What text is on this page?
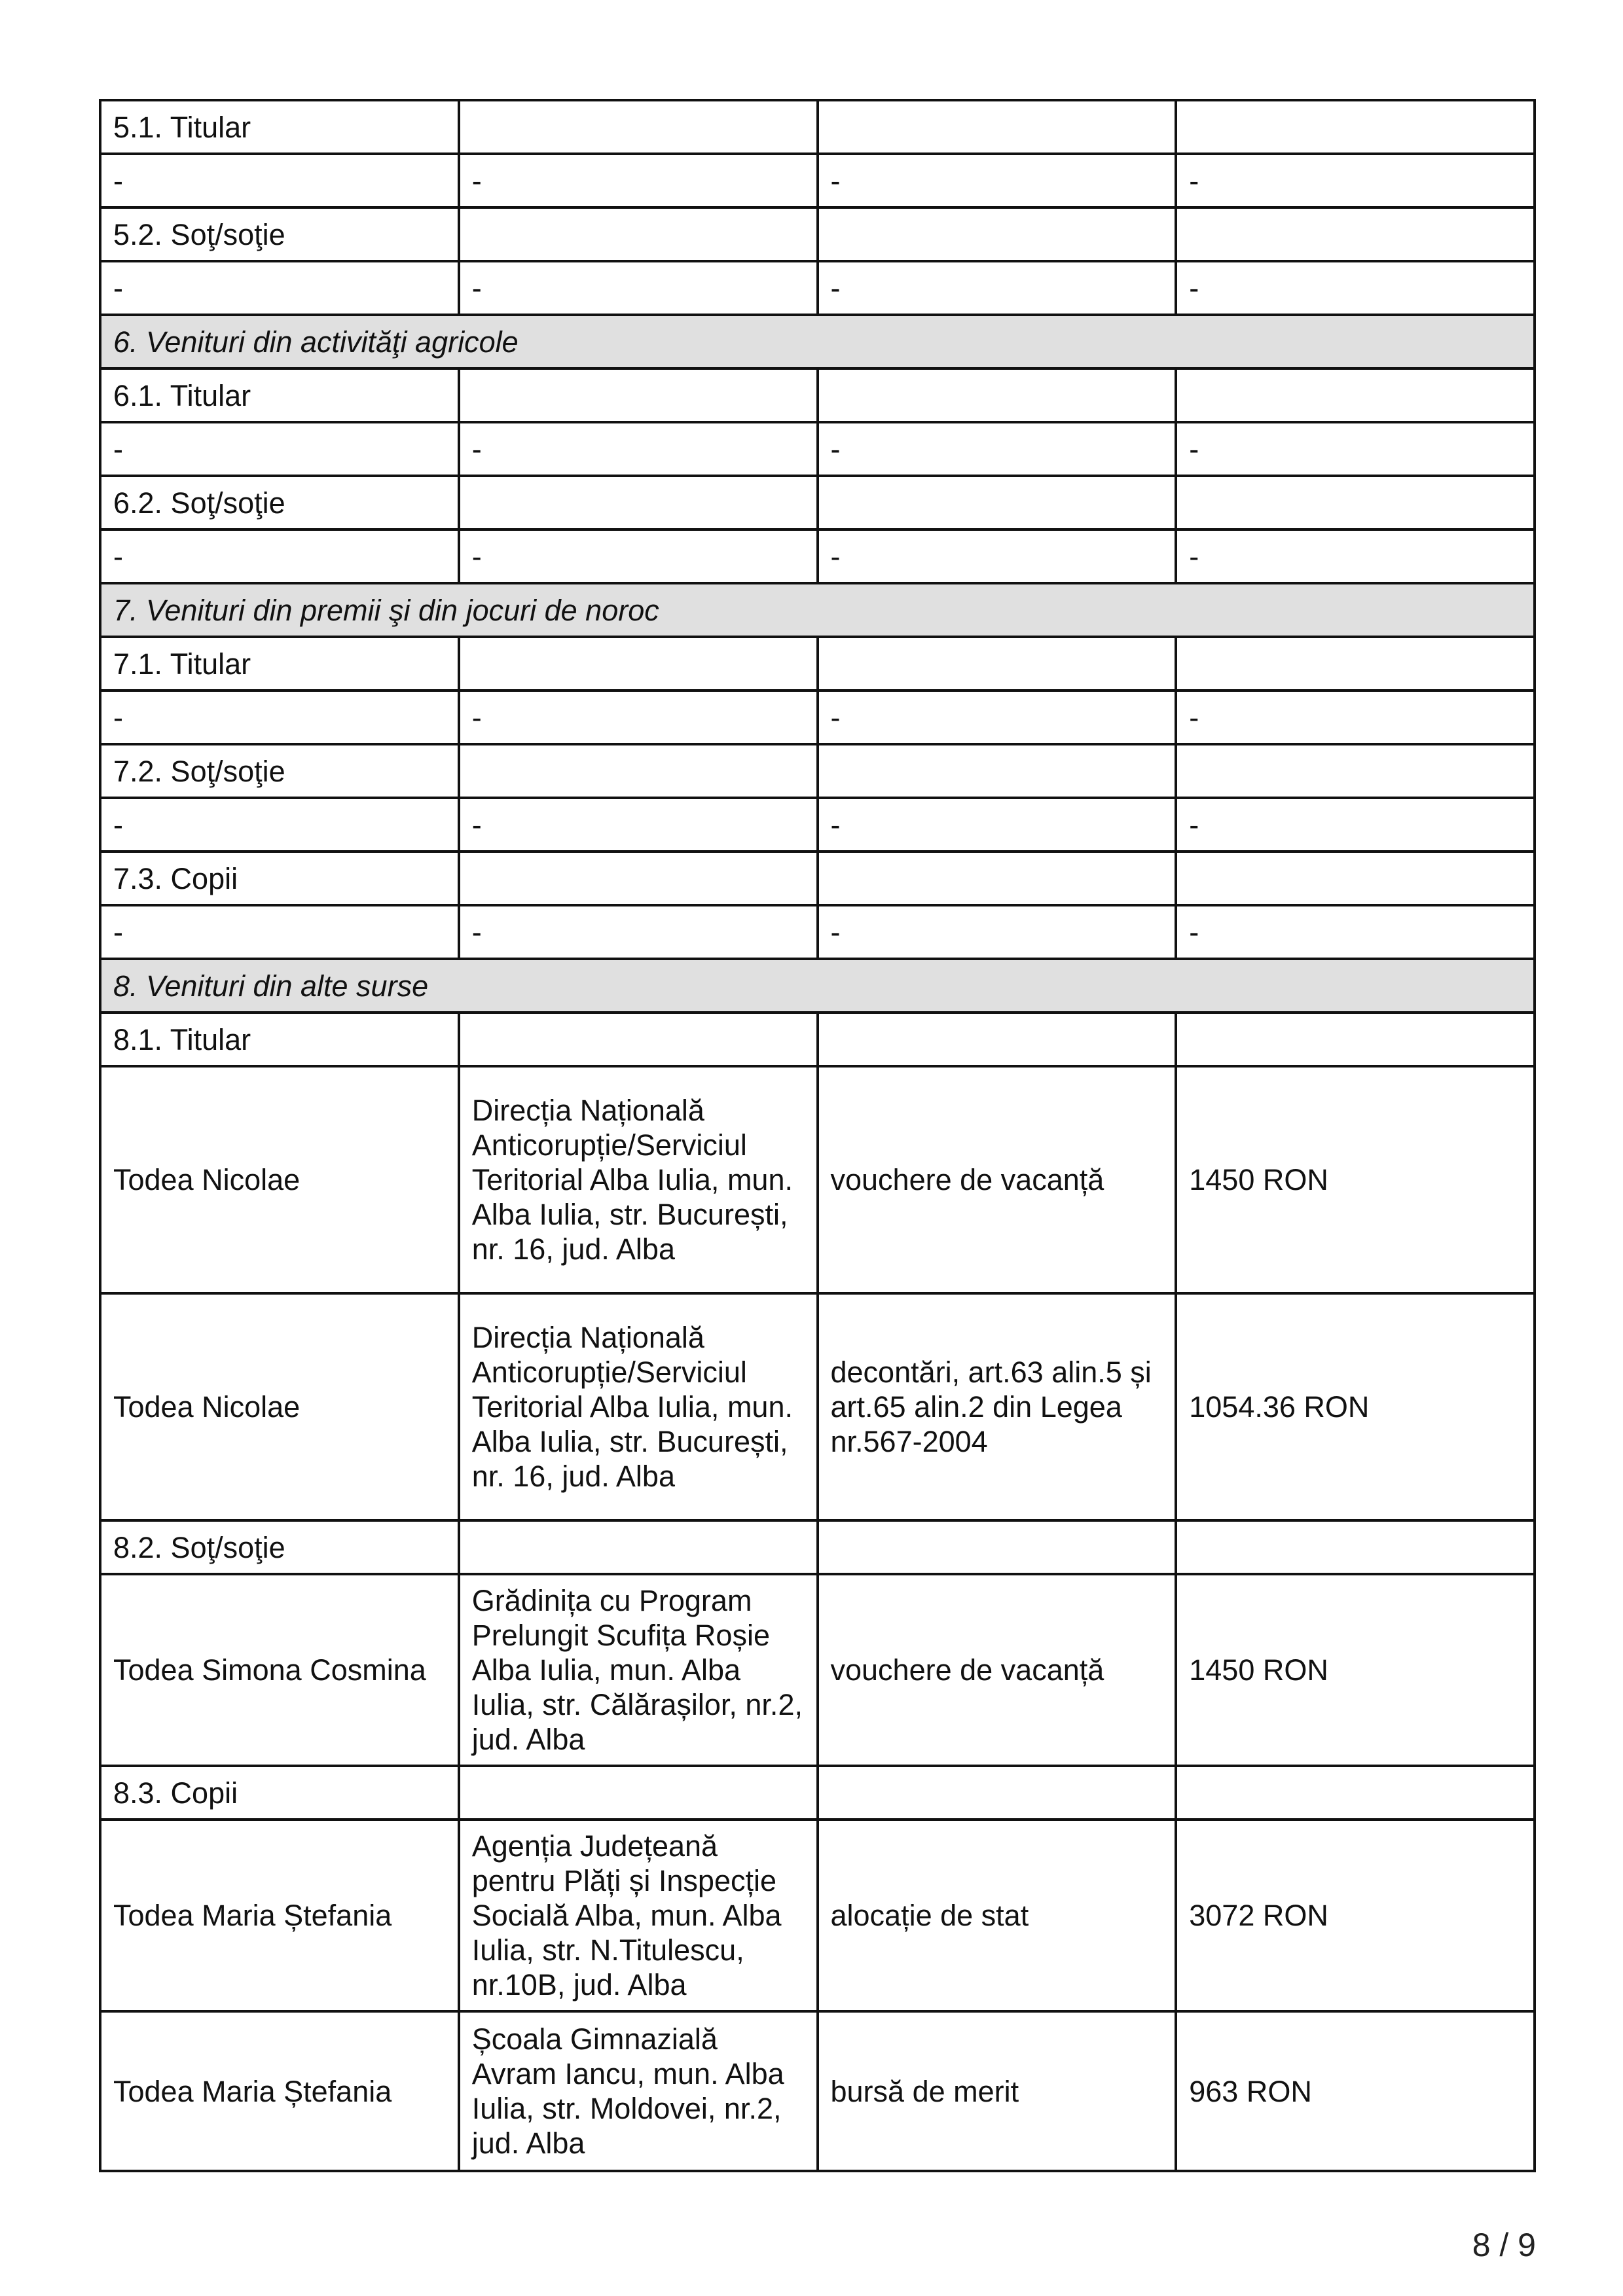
5.1. Titular			
-	-	-	-
5.2. Soţ/soţie			
-	-	-	-
6. Venituri din activităţi agricole			
6.1. Titular			
-	-	-	-
6.2. Soţ/soţie			
-	-	-	-
7. Venituri din premii şi din jocuri de noroc			
7.1. Titular			
-	-	-	-
7.2. Soţ/soţie			
-	-	-	-
7.3. Copii			
-	-	-	-
8. Venituri din alte surse			
8.1. Titular			
Todea Nicolae	Direcția Națională Anticorupție/Serviciul Teritorial Alba Iulia, mun. Alba Iulia, str. București, nr. 16, jud. Alba	vouchere de vacanță	1450 RON
Todea Nicolae	Direcția Națională Anticorupție/Serviciul Teritorial Alba Iulia, mun. Alba Iulia, str. București, nr. 16, jud. Alba	decontări, art.63 alin.5 și art.65 alin.2 din Legea nr.567-2004	1054.36 RON
8.2. Soţ/soţie			
Todea Simona Cosmina	Grădinița cu Program Prelungit Scufița Roșie Alba Iulia, mun. Alba Iulia, str. Călărașilor, nr.2, jud. Alba	vouchere de vacanță	1450 RON
8.3. Copii			
Todea Maria Ștefania	Agenția Județeană pentru Plăți și Inspecție Socială Alba, mun. Alba Iulia, str. N.Titulescu, nr.10B, jud. Alba	alocație de stat	3072 RON
Todea Maria Ștefania	Școala Gimnazială Avram Iancu, mun. Alba Iulia, str. Moldovei, nr.2, jud. Alba	bursă de merit	963 RON
8 / 9
